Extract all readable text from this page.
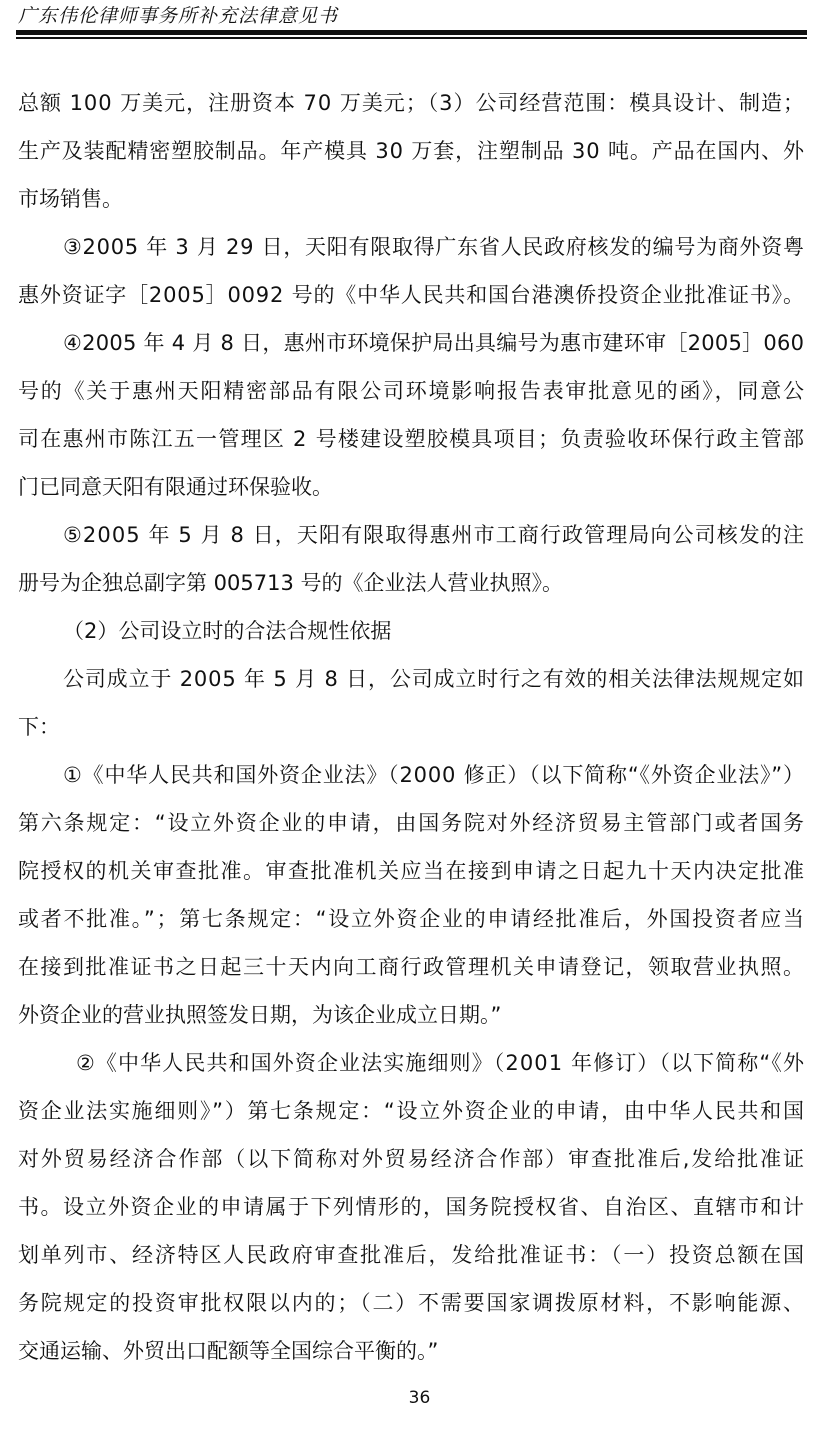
广东伟伦律师事务所补充法律意见书
总额 100 万美元，注册资本 70 万美元；（3）公司经营范围：模具设计、制造；
生产及装配精密塑胶制品。年产模具 30 万套，注塑制品 30 吨。产品在国内、外
市场销售。
③2005 年 3 月 29 日，天阳有限取得广东省人民政府核发的编号为商外资粤
惠外资证字［2005］0092 号的《中华人民共和国台港澳侨投资企业批准证书》。
④2005 年 4 月 8 日，惠州市环境保护局出具编号为惠市建环审［2005］060
号的《关于惠州天阳精密部品有限公司环境影响报告表审批意见的函》，同意公
司在惠州市陈江五一管理区 2 号楼建设塑胶模具项目；负责验收环保行政主管部
门已同意天阳有限通过环保验收。
⑤2005 年 5 月 8 日，天阳有限取得惠州市工商行政管理局向公司核发的注
册号为企独总副字第 005713 号的《企业法人营业执照》。
（2）公司设立时的合法合规性依据
公司成立于 2005 年 5 月 8 日，公司成立时行之有效的相关法律法规规定如
下：
①《中华人民共和国外资企业法》（2000 修正）（以下简称“《外资企业法》”）
第六条规定：“设立外资企业的申请，由国务院对外经济贸易主管部门或者国务
院授权的机关审查批准。审查批准机关应当在接到申请之日起九十天内决定批准
或者不批准。”；第七条规定：“设立外资企业的申请经批准后，外国投资者应当
在接到批准证书之日起三十天内向工商行政管理机关申请登记，领取营业执照。
外资企业的营业执照签发日期，为该企业成立日期。”
②《中华人民共和国外资企业法实施细则》（2001 年修订）（以下简称“《外
资企业法实施细则》”）第七条规定：“设立外资企业的申请，由中华人民共和国
对外贸易经济合作部（以下简称对外贸易经济合作部）审查批准后,发给批准证
书。设立外资企业的申请属于下列情形的，国务院授权省、自治区、直辖市和计
划单列市、经济特区人民政府审查批准后，发给批准证书：（一）投资总额在国
务院规定的投资审批权限以内的；（二）不需要国家调拨原材料，不影响能源、
交通运输、外贸出口配额等全国综合平衡的。”
36
